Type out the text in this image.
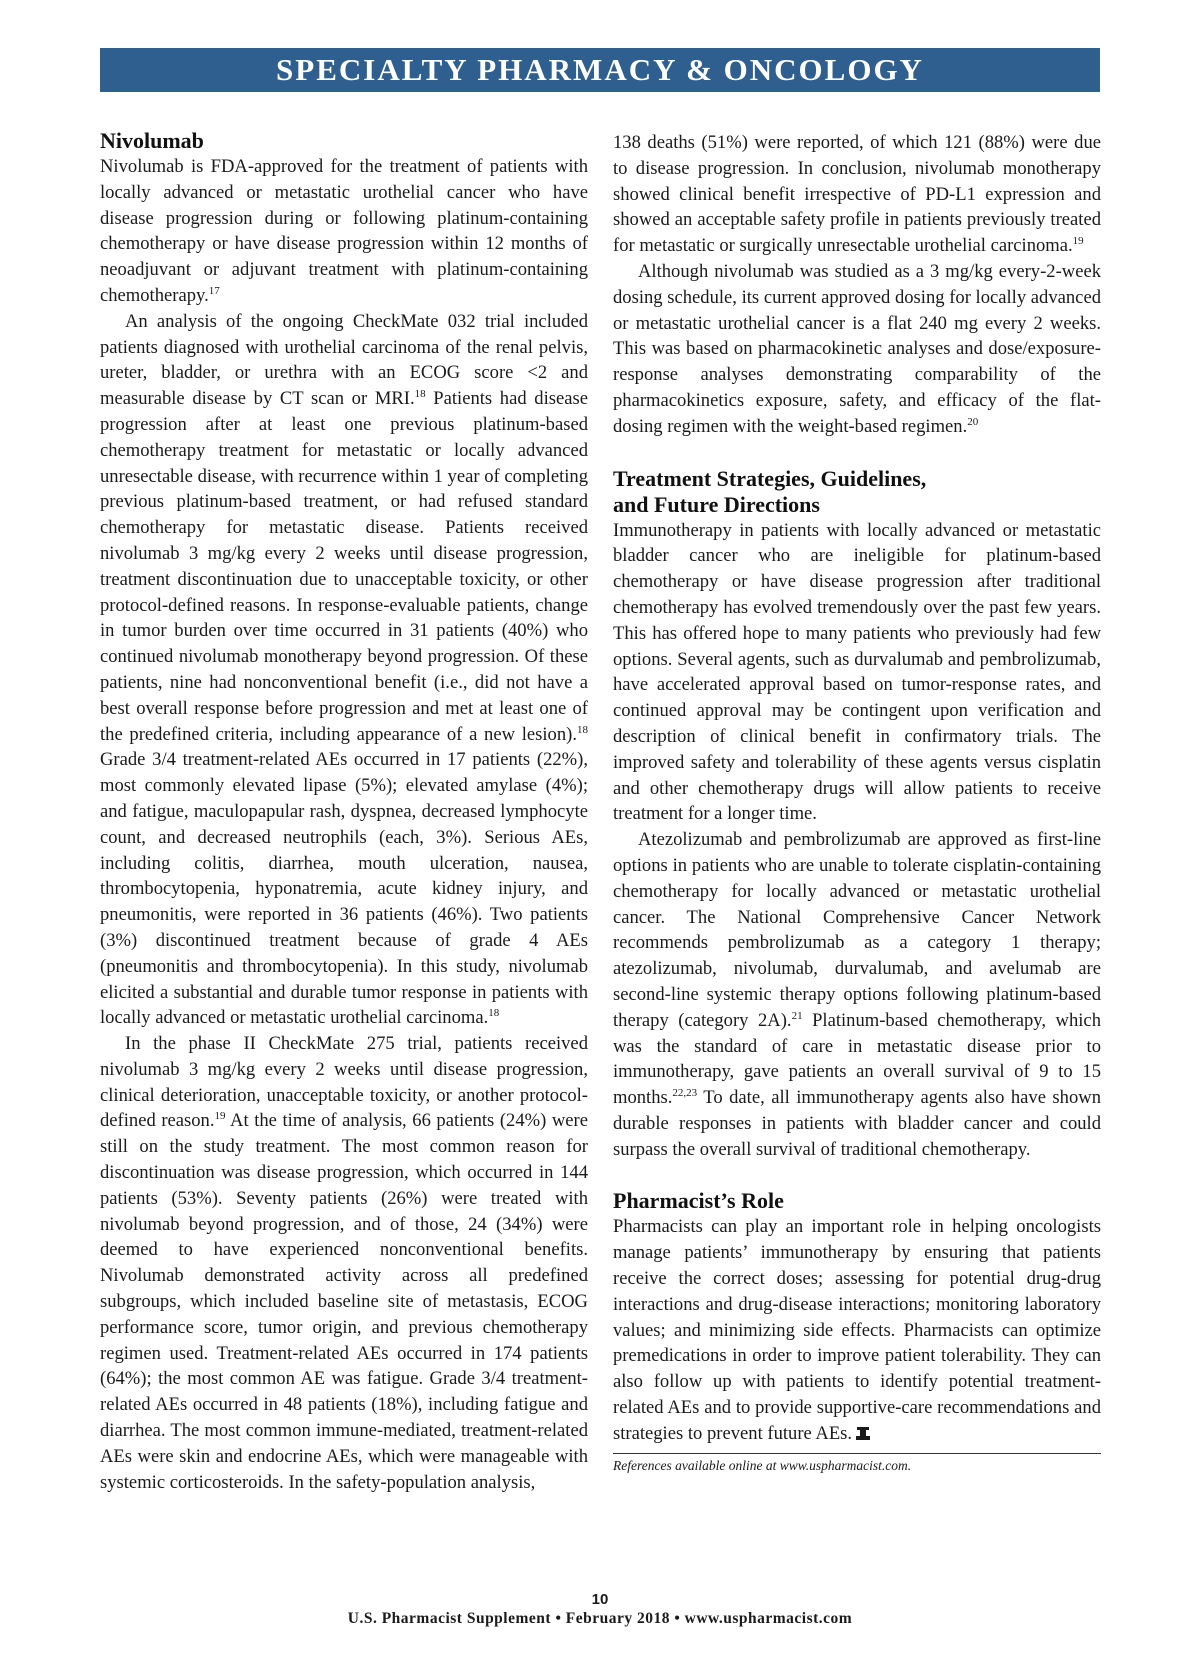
SPECIALTY PHARMACY & ONCOLOGY
Nivolumab

Nivolumab is FDA-approved for the treatment of patients with locally advanced or metastatic urothelial cancer who have disease progression during or following platinum-containing chemotherapy or have disease progression within 12 months of neoadjuvant or adjuvant treatment with platinum-containing chemotherapy.$^{17}$

An analysis of the ongoing CheckMate 032 trial included patients diagnosed with urothelial carcinoma of the renal pelvis, ureter, bladder, or urethra with an ECOG score <2 and measurable disease by CT scan or MRI.$^{18}$ Patients had disease progression after at least one previous platinum-based chemotherapy treatment for metastatic or locally advanced unresectable disease, with recurrence within 1 year of completing previous platinum-based treatment, or had refused standard chemotherapy for metastatic disease. Patients received nivolumab 3 mg/kg every 2 weeks until disease progression, treatment discontinuation due to unacceptable toxicity, or other protocol-defined reasons. In response-evaluable patients, change in tumor burden over time occurred in 31 patients (40%) who continued nivolumab monotherapy beyond progression. Of these patients, nine had nonconventional benefit (i.e., did not have a best overall response before progression and met at least one of the predefined criteria, including appearance of a new lesion).$^{18}$ Grade 3/4 treatment-related AEs occurred in 17 patients (22%), most commonly elevated lipase (5%); elevated amylase (4%); and fatigue, maculopapular rash, dyspnea, decreased lymphocyte count, and decreased neutrophils (each, 3%). Serious AEs, including colitis, diarrhea, mouth ulceration, nausea, thrombocytopenia, hyponatremia, acute kidney injury, and pneumonitis, were reported in 36 patients (46%). Two patients (3%) discontinued treatment because of grade 4 AEs (pneumonitis and thrombocytopenia). In this study, nivolumab elicited a substantial and durable tumor response in patients with locally advanced or metastatic urothelial carcinoma.$^{18}$

In the phase II CheckMate 275 trial, patients received nivolumab 3 mg/kg every 2 weeks until disease progression, clinical deterioration, unacceptable toxicity, or another protocol-defined reason.$^{19}$ At the time of analysis, 66 patients (24%) were still on the study treatment. The most common reason for discontinuation was disease progression, which occurred in 144 patients (53%). Seventy patients (26%) were treated with nivolumab beyond progression, and of those, 24 (34%) were deemed to have experienced nonconventional benefits. Nivolumab demonstrated activity across all predefined subgroups, which included baseline site of metastasis, ECOG performance score, tumor origin, and previous chemotherapy regimen used. Treatment-related AEs occurred in 174 patients (64%); the most common AE was fatigue. Grade 3/4 treatment-related AEs occurred in 48 patients (18%), including fatigue and diarrhea. The most common immune-mediated, treatment-related AEs were skin and endocrine AEs, which were manageable with systemic corticosteroids. In the safety-population analysis,

138 deaths (51%) were reported, of which 121 (88%) were due to disease progression. In conclusion, nivolumab monotherapy showed clinical benefit irrespective of PD-L1 expression and showed an acceptable safety profile in patients previously treated for metastatic or surgically unresectable urothelial carcinoma.$^{19}$

Although nivolumab was studied as a 3 mg/kg every-2-week dosing schedule, its current approved dosing for locally advanced or metastatic urothelial cancer is a flat 240 mg every 2 weeks. This was based on pharmacokinetic analyses and dose/exposure-response analyses demonstrating comparability of the pharmacokinetics exposure, safety, and efficacy of the flat-dosing regimen with the weight-based regimen.$^{20}$

Treatment Strategies, Guidelines,
and Future Directions

Immunotherapy in patients with locally advanced or metastatic bladder cancer who are ineligible for platinum-based chemotherapy or have disease progression after traditional chemotherapy has evolved tremendously over the past few years. This has offered hope to many patients who previously had few options. Several agents, such as durvalumab and pembrolizumab, have accelerated approval based on tumor-response rates, and continued approval may be contingent upon verification and description of clinical benefit in confirmatory trials. The improved safety and tolerability of these agents versus cisplatin and other chemotherapy drugs will allow patients to receive treatment for a longer time.

Atezolizumab and pembrolizumab are approved as first-line options in patients who are unable to tolerate cisplatin-containing chemotherapy for locally advanced or metastatic urothelial cancer. The National Comprehensive Cancer Network recommends pembrolizumab as a category 1 therapy; atezolizumab, nivolumab, durvalumab, and avelumab are second-line systemic therapy options following platinum-based therapy (category 2A).$^{21}$ Platinum-based chemotherapy, which was the standard of care in metastatic disease prior to immunotherapy, gave patients an overall survival of 9 to 15 months.$^{22,23}$ To date, all immunotherapy agents also have shown durable responses in patients with bladder cancer and could surpass the overall survival of traditional chemotherapy.

Pharmacist’s Role

Pharmacists can play an important role in helping oncologists manage patients’ immunotherapy by ensuring that patients receive the correct doses; assessing for potential drug-drug interactions and drug-disease interactions; monitoring laboratory values; and minimizing side effects. Pharmacists can optimize premedications in order to improve patient tolerability. They can also follow up with patients to identify potential treatment-related AEs and to provide supportive-care recommendations and strategies to prevent future AEs.

References available online at www.uspharmacist.com.
10
U.S. Pharmacist Supplement • February 2018 • www.uspharmacist.com
